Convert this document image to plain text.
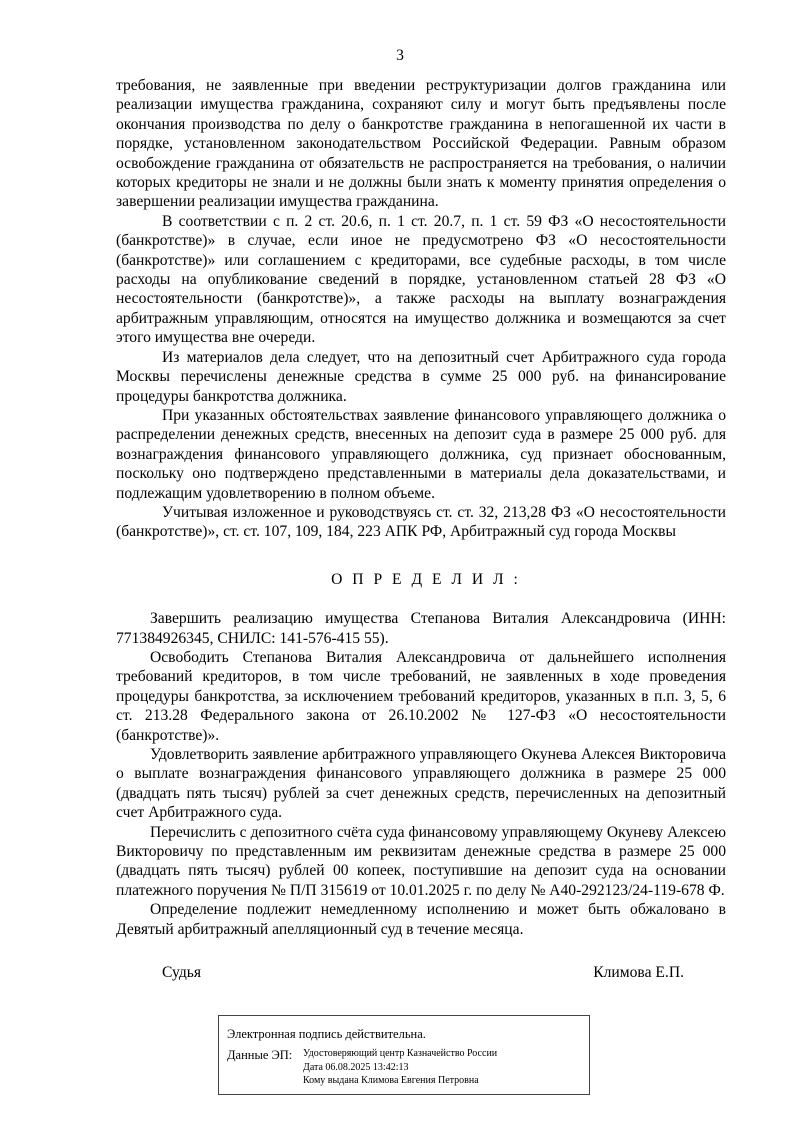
3

требования, не заявленные при введении реструктуризации долгов гражданина или реализации имущества гражданина, сохраняют силу и могут быть предъявлены после окончания производства по делу о банкротстве гражданина в непогашенной их части в порядке, установленном законодательством Российской Федерации. Равным образом освобождение гражданина от обязательств не распространяется на требования, о наличии которых кредиторы не знали и не должны были знать к моменту принятия определения о завершении реализации имущества гражданина.

В соответствии с п. 2 ст. 20.6, п. 1 ст. 20.7, п. 1 ст. 59 ФЗ «О несостоятельности (банкротстве)» в случае, если иное не предусмотрено ФЗ «О несостоятельности (банкротстве)» или соглашением с кредиторами, все судебные расходы, в том числе расходы на опубликование сведений в порядке, установленном статьей 28 ФЗ «О несостоятельности (банкротстве)», а также расходы на выплату вознаграждения арбитражным управляющим, относятся на имущество должника и возмещаются за счет этого имущества вне очереди.

Из материалов дела следует, что на депозитный счет Арбитражного суда города Москвы перечислены денежные средства в сумме 25 000 руб. на финансирование процедуры банкротства должника.

При указанных обстоятельствах заявление финансового управляющего должника о распределении денежных средств, внесенных на депозит суда в размере 25 000 руб. для вознаграждения финансового управляющего должника, суд признает обоснованным, поскольку оно подтверждено представленными в материалы дела доказательствами, и подлежащим удовлетворению в полном объеме.

Учитывая изложенное и руководствуясь ст. ст. 32, 213,28 ФЗ «О несостоятельности (банкротстве)», ст. ст. 107, 109, 184, 223 АПК РФ, Арбитражный суд города Москвы

О П Р Е Д Е Л И Л :

Завершить реализацию имущества Степанова Виталия Александровича (ИНН: 771384926345, СНИЛС: 141-576-415 55).

Освободить Степанова Виталия Александровича от дальнейшего исполнения требований кредиторов, в том числе требований, не заявленных в ходе проведения процедуры банкротства, за исключением требований кредиторов, указанных в п.п. 3, 5, 6 ст. 213.28 Федерального закона от 26.10.2002 № 127-ФЗ «О несостоятельности (банкротстве)».

Удовлетворить заявление арбитражного управляющего Окунева Алексея Викторовича о выплате вознаграждения финансового управляющего должника в размере 25 000 (двадцать пять тысяч) рублей за счет денежных средств, перечисленных на депозитный счет Арбитражного суда.

Перечислить с депозитного счёта суда финансовому управляющему Окуневу Алексею Викторовичу по представленным им реквизитам денежные средства в размере 25 000 (двадцать пять тысяч) рублей 00 копеек, поступившие на депозит суда на основании платежного поручения № П/П 315619 от 10.01.2025 г. по делу № А40-292123/24-119-678 Ф.

Определение подлежит немедленному исполнению и может быть обжаловано в Девятый арбитражный апелляционный суд в течение месяца.

Судья	Климова Е.П.
Электронная подпись действительна.
Данные ЭП: Удостоверяющий центр Казначейство России
Дата 06.08.2025 13:42:13
Кому выдана Климова Евгения Петровна
